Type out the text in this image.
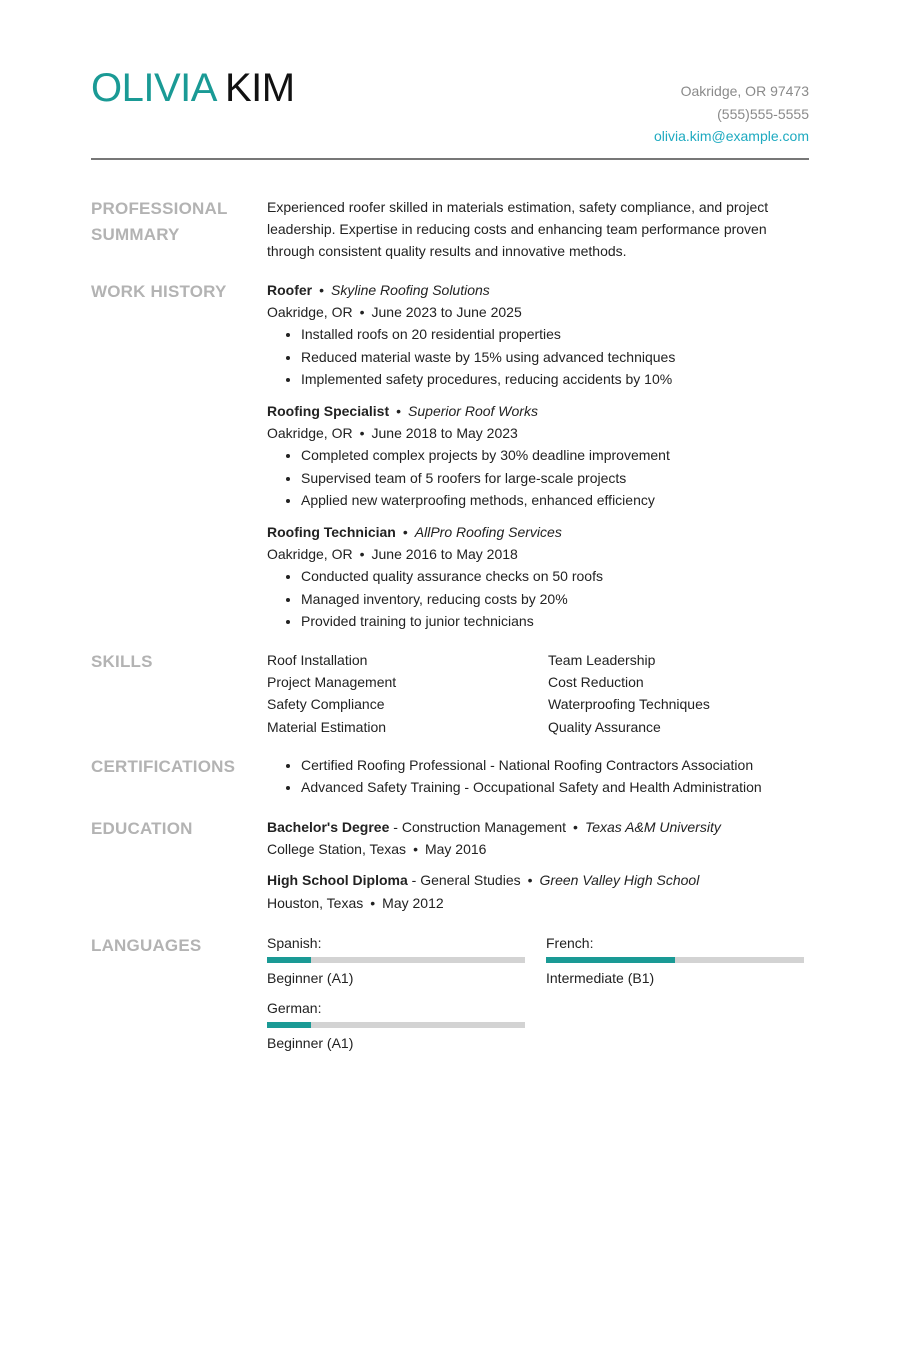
OLIVIA KIM	Oakridge, OR 97473
(555)555-5555
olivia.kim@example.com
PROFESSIONAL SUMMARY
Experienced roofer skilled in materials estimation, safety compliance, and project leadership. Expertise in reducing costs and enhancing team performance proven through consistent quality results and innovative methods.
WORK HISTORY	Roofer • Skyline Roofing Solutions
Oakridge, OR • June 2023 to June 2025
• Installed roofs on 20 residential properties
• Reduced material waste by 15% using advanced techniques
• Implemented safety procedures, reducing accidents by 10%
Roofing Specialist • Superior Roof Works
Oakridge, OR • June 2018 to May 2023
• Completed complex projects by 30% deadline improvement
• Supervised team of 5 roofers for large-scale projects
• Applied new waterproofing methods, enhanced efficiency
Roofing Technician • AllPro Roofing Services
Oakridge, OR • June 2016 to May 2018
• Conducted quality assurance checks on 50 roofs
• Managed inventory, reducing costs by 20%
• Provided training to junior technicians
SKILLS	Roof Installation	Team Leadership
Project Management	Cost Reduction
Safety Compliance	Waterproofing Techniques
Material Estimation	Quality Assurance
CERTIFICATIONS
•	Certified Roofing Professional - National Roofing Contractors Association
• Advanced Safety Training - Occupational Safety and Health Administration
EDUCATION	Bachelor's Degree - Construction Management • Texas A&M University
College Station, Texas • May 2016
High School Diploma - General Studies • Green Valley High School
Houston, Texas • May 2012
LANGUAGES	Spanish:
Beginner (A1)
French:
Intermediate (B1)
German:
Beginner (A1)
